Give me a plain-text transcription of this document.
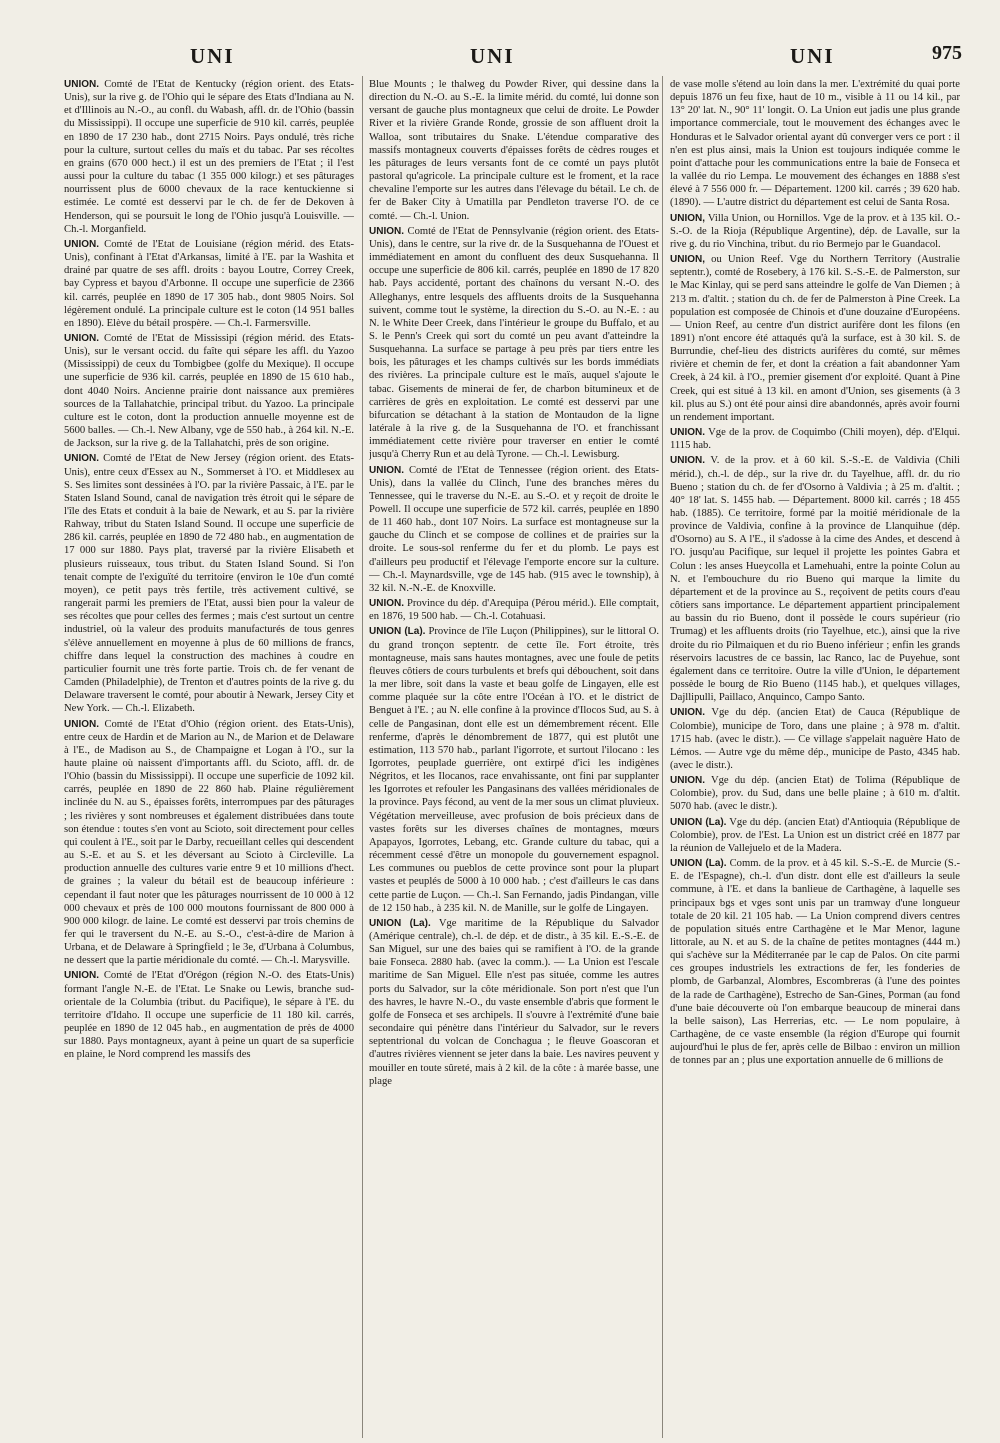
UNI	UNI	UNI	975

UNION. Comté de l'Etat de Kentucky (région orient. des Etats-Unis), sur la rive g. de l'Ohio qui le sépare des Etats d'Indiana au N. et d'Illinois au N.-O., au confl. du Wabash, affl. dr. de l'Ohio (bassin du Mississippi). Il occupe une superficie de 910 kil. carrés, peuplée en 1890 de 17 230 hab., dont 2715 Noirs. Pays ondulé, très riche pour la culture, surtout celles du maïs et du tabac. Par ses récoltes en grains (670 000 hect.) il est un des premiers de l'Etat ; il l'est aussi pour la culture du tabac (1 355 000 kilogr.) et ses pâturages nourrissent plus de 6000 chevaux de la race kentuckienne si estimée. Le comté est desservi par le ch. de fer de Dekoven à Henderson, qui se poursuit le long de l'Ohio jusqu'à Louisville. — Ch.-l. Morganfield.

UNION. Comté de l'Etat de Louisiane (région mérid. des Etats-Unis), confinant à l'Etat d'Arkansas, limité à l'E. par la Washita et drainé par quatre de ses affl. droits : bayou Loutre, Correy Creek, bay Cypress et bayou d'Arbonne. Il occupe une superficie de 2366 kil. carrés, peuplée en 1890 de 17 305 hab., dont 9805 Noirs. Sol légèrement ondulé. La principale culture est le coton (14 951 balles en 1890). Elève du bétail prospère. — Ch.-l. Farmersville.

UNION. Comté de l'Etat de Mississipi (région mérid. des Etats-Unis), sur le versant occid. du faîte qui sépare les affl. du Yazoo (Mississippi) de ceux du Tombigbee (golfe du Mexique). Il occupe une superficie de 936 kil. carrés, peuplée en 1890 de 15 610 hab., dont 4040 Noirs. Ancienne prairie dont naissance aux premières sources de la Tallahatchie, principal tribut. du Yazoo. La principale culture est le coton, dont la production annuelle moyenne est de 5600 balles. — Ch.-l. New Albany, vge de 550 hab., à 264 kil. N.-E. de Jackson, sur la rive g. de la Tallahatchi, près de son origine.

UNION. Comté de l'Etat de New Jersey (région orient. des Etats-Unis), entre ceux d'Essex au N., Sommerset à l'O. et Middlesex au S. Ses limites sont dessinées à l'O. par la rivière Passaic, à l'E. par le Staten Island Sound, canal de navigation très étroit qui le sépare de l'île des Etats et conduit à la baie de Newark, et au S. par la rivière Rahway, tribut du Staten Island Sound. Il occupe une superficie de 286 kil. carrés, peuplée en 1890 de 72 480 hab., en augmentation de 17 000 sur 1880. Pays plat, traversé par la rivière Elisabeth et plusieurs ruisseaux, tous tribut. du Staten Island Sound. Si l'on tenait compte de l'exiguïté du territoire (environ le 10e d'un comté moyen), ce petit pays très fertile, très activement cultivé, se rangerait parmi les premiers de l'Etat, aussi bien pour la valeur de ses récoltes que pour celles des fermes ; mais c'est surtout un centre industriel, où la valeur des produits manufacturés de tous genres s'élève annuellement en moyenne à plus de 60 millions de francs, chiffre dans lequel la construction des machines à coudre en particulier fournit une très forte partie. Trois ch. de fer venant de Camden (Philadelphie), de Trenton et d'autres points de la rive g. du Delaware traversent le comté, pour aboutir à Newark, Jersey City et New York. — Ch.-l. Elizabeth.

UNION. Comté de l'Etat d'Ohio (région orient. des Etats-Unis), entre ceux de Hardin et de Marion au N., de Marion et de Delaware à l'E., de Madison au S., de Champaigne et Logan à l'O., sur la haute plaine où naissent d'importants affl. du Scioto, affl. dr. de l'Ohio (bassin du Mississippi). Il occupe une superficie de 1092 kil. carrés, peuplée en 1890 de 22 860 hab. Plaine régulièrement inclinée du N. au S., épaisses forêts, interrompues par des pâturages ; les rivières y sont nombreuses et également distribuées dans toute son étendue : toutes s'en vont au Scioto, soit directement pour celles qui coulent à l'E., soit par le Darby, recueillant celles qui descendent au S.-E. et au S. et les déversant au Scioto à Circleville. La production annuelle des cultures varie entre 9 et 10 millions d'hect. de graines ; la valeur du bétail est de beaucoup inférieure : cependant il faut noter que les pâturages nourrissent de 10 000 à 12 000 chevaux et près de 100 000 moutons fournissant de 800 000 à 900 000 kilogr. de laine. Le comté est desservi par trois chemins de fer qui le traversent du N.-E. au S.-O., c'est-à-dire de Marion à Urbana, et de Delaware à Springfield ; le 3e, d'Urbana à Columbus, ne dessert que la partie méridionale du comté. — Ch.-l. Marysville.

UNION. Comté de l'Etat d'Orégon (région N.-O. des Etats-Unis) formant l'angle N.-E. de l'Etat. Le Snake ou Lewis, branche sud-orientale de la Columbia (tribut. du Pacifique), le sépare à l'E. du territoire d'Idaho. Il occupe une superficie de 11 180 kil. carrés, peuplée en 1890 de 12 045 hab., en augmentation de près de 4000 sur 1880. Pays montagneux, ayant à peine un quart de sa superficie en plaine, le Nord comprend les massifs des

Blue Mounts ; le thalweg du Powder River, qui dessine dans la direction du N.-O. au S.-E. la limite mérid. du comté, lui donne son versant de gauche plus montagneux que celui de droite. Le Powder River et la rivière Grande Ronde, grossie de son affluent droit la Walloa, sont tributaires du Snake. L'étendue comparative des massifs montagneux couverts d'épaisses forêts de cèdres rouges et les pâturages de leurs versants font de ce comté un pays plutôt pastoral qu'agricole. La principale culture est le froment, et la race chevaline l'emporte sur les autres dans l'élevage du bétail. Le ch. de fer de Baker City à Umatilla par Pendleton traverse l'O. de ce comté. — Ch.-l. Union.

UNION. Comté de l'Etat de Pennsylvanie (région orient. des Etats-Unis), dans le centre, sur la rive dr. de la Susquehanna de l'Ouest et immédiatement en amont du confluent des deux Susquehanna. Il occupe une superficie de 806 kil. carrés, peuplée en 1890 de 17 820 hab. Pays accidenté, portant des chaînons du versant N.-O. des Alleghanys, entre lesquels des affluents droits de la Susquehanna suivent, comme tout le système, la direction du S.-O. au N.-E. : au N. le White Deer Creek, dans l'intérieur le groupe du Buffalo, et au S. le Penn's Creek qui sort du comté un peu avant d'atteindre la Susquehanna. La surface se partage à peu près par tiers entre les bois, les pâturages et les champs cultivés sur les bords immédiats des rivières. La principale culture est le maïs, auquel s'ajoute le tabac. Gisements de minerai de fer, de charbon bitumineux et de carrières de grès en exploitation. Le comté est desservi par une bifurcation se détachant à la station de Montaudon de la ligne latérale à la rive g. de la Susquehanna de l'O. et franchissant immédiatement cette rivière pour traverser en entier le comté jusqu'à Cherry Run et au delà Tyrone. — Ch.-l. Lewisburg.

UNION. Comté de l'Etat de Tennessee (région orient. des Etats-Unis), dans la vallée du Clinch, l'une des branches mères du Tennessee, qui le traverse du N.-E. au S.-O. et y reçoit de droite le Powell. Il occupe une superficie de 572 kil. carrés, peuplée en 1890 de 11 460 hab., dont 107 Noirs. La surface est montagneuse sur la gauche du Clinch et se compose de collines et de prairies sur la droite. Le sous-sol renferme du fer et du plomb. Le pays est d'ailleurs peu productif et l'élevage l'emporte encore sur la culture. — Ch.-l. Maynardsville, vge de 145 hab. (915 avec le township), à 32 kil. N.-N.-E. de Knoxville.

UNION. Province du dép. d'Arequipa (Pérou mérid.). Elle comptait, en 1876, 19 500 hab. — Ch.-l. Cotahuasi.

UNION (La). Province de l'île Luçon (Philippines), sur le littoral O. du grand tronçon septentr. de cette île. Fort étroite, très montagneuse, mais sans hautes montagnes, avec une foule de petits fleuves côtiers de cours turbulents et brefs qui débouchent, soit dans la mer libre, soit dans la vaste et beau golfe de Lingayen, elle est comme plaquée sur la côte entre l'Océan à l'O. et le district de Benguet à l'E. ; au N. elle confine à la province d'Ilocos Sud, au S. à celle de Pangasinan, dont elle est un démembrement récent. Elle renferme, d'après le dénombrement de 1877, qui est plutôt une estimation, 113 570 hab., parlant l'igorrote, et surtout l'ilocano : les Igorrotes, peuplade guerrière, ont extirpé d'ici les indigènes Négritos, et les Ilocanos, race envahissante, ont fini par supplanter les Igorrotes et refouler les Pangasinans des vallées méridionales de la province. Pays fécond, au vent de la mer sous un climat pluvieux. Végétation merveilleuse, avec profusion de bois précieux dans de vastes forêts sur les diverses chaînes de montagnes, mœurs Apapayos, Igorrotes, Lebang, etc. Grande culture du tabac, qui a récemment cessé d'être un monopole du gouvernement espagnol. Les communes ou pueblos de cette province sont pour la plupart vastes et peuplés de 5000 à 10 000 hab. ; c'est d'ailleurs le cas dans cette partie de Luçon. — Ch.-l. San Fernando, jadis Pindangan, ville de 12 150 hab., à 235 kil. N. de Manille, sur le golfe de Lingayen.

UNION (La). Vge maritime de la République du Salvador (Amérique centrale), ch.-l. de dép. et de distr., à 35 kil. E.-S.-E. de San Miguel, sur une des baies qui se ramifient à l'O. de la grande baie Fonseca. 2880 hab. (avec la comm.). — La Union est l'escale maritime de San Miguel. Elle n'est pas située, comme les autres ports du Salvador, sur la côte méridionale. Son port n'est que l'un des havres, le havre N.-O., du vaste ensemble d'abris que forment le golfe de Fonseca et ses archipels. Il s'ouvre à l'extrémité d'une baie secondaire qui pénètre dans l'intérieur du Salvador, sur le revers septentrional du volcan de Conchagua ; le fleuve Goascoran et d'autres rivières viennent se jeter dans la baie. Les navires peuvent y mouiller en toute sûreté, mais à 2 kil. de la côte : à marée basse, une plage

de vase molle s'étend au loin dans la mer. L'extrémité du quai porte depuis 1876 un feu fixe, haut de 10 m., visible à 11 ou 14 kil., par 13° 20' lat. N., 90° 11' longit. O. La Union eut jadis une plus grande importance commerciale, tout le mouvement des échanges avec le Honduras et le Salvador oriental ayant dû converger vers ce port : il n'en est plus ainsi, mais la Union est toujours indiquée comme le point d'attache pour les communications entre la baie de Fonseca et la vallée du rio Lempa. Le mouvement des échanges en 1888 s'est élevé à 7 556 000 fr. — Département. 1200 kil. carrés ; 39 620 hab. (1890). — L'autre district du département est celui de Santa Rosa.

UNION, Villa Union, ou Hornillos. Vge de la prov. et à 135 kil. O.-S.-O. de la Rioja (République Argentine), dép. de Lavalle, sur la rive g. du rio Vinchina, tribut. du rio Bermejo par le Guandacol.

UNION, ou Union Reef. Vge du Northern Territory (Australie septentr.), comté de Rosebery, à 176 kil. S.-S.-E. de Palmerston, sur le Mac Kinlay, qui se perd sans atteindre le golfe de Van Diemen ; à 213 m. d'altit. ; station du ch. de fer de Palmerston à Pine Creek. La population est composée de Chinois et d'une douzaine d'Européens. — Union Reef, au centre d'un district aurifère dont les filons (en 1891) n'ont encore été attaqués qu'à la surface, est à 30 kil. S. de Burrundie, chef-lieu des districts aurifères du comté, sur mêmes rivière et chemin de fer, et dont la création a fait abandonner Yam Creek, à 24 kil. à l'O., premier gisement d'or exploité. Quant à Pine Creek, qui est situé à 13 kil. en amont d'Union, ses gisements (à 3 kil. plus au S.) ont été pour ainsi dire abandonnés, après avoir fourni un rendement important.

UNION. Vge de la prov. de Coquimbo (Chili moyen), dép. d'Elqui. 1115 hab.

UNION. V. de la prov. et à 60 kil. S.-S.-E. de Valdivia (Chili mérid.), ch.-l. de dép., sur la rive dr. du Tayelhue, affl. dr. du rio Bueno ; station du ch. de fer d'Osorno à Valdivia ; à 25 m. d'altit. ; 40° 18' lat. S. 1455 hab. — Département. 8000 kil. carrés ; 18 455 hab. (1885). Ce territoire, formé par la moitié méridionale de la province de Valdivia, confine à la province de Llanquihue (dép. d'Osorno) au S. A l'E., il s'adosse à la cime des Andes, et descend à l'O. jusqu'au Pacifique, sur lequel il projette les pointes Gabra et Colun : les anses Hueycolla et Lamehuahi, entre la pointe Colun au N. et l'embouchure du rio Bueno qui marque la limite du département et de la province au S., reçoivent de petits cours d'eau côtiers sans importance. Le département appartient principalement au bassin du rio Bueno, dont il possède le cours supérieur (rio Trumag) et les affluents droits (rio Tayelhue, etc.), ainsi que la rive droite du rio Pilmaiquen et du rio Bueno inférieur ; enfin les grands réservoirs lacustres de ce bassin, lac Ranco, lac de Puyehue, sont également dans ce territoire. Outre la ville d'Union, le département possède le bourg de Rio Bueno (1145 hab.), et quelques villages, Dajllipulli, Paillaco, Anquinco, Campo Santo.

UNION. Vge du dép. (ancien Etat) de Cauca (République de Colombie), municipe de Toro, dans une plaine ; à 978 m. d'altit. 1715 hab. (avec le distr.). — Ce village s'appelait naguère Hato de Lémos. — Autre vge du même dép., municipe de Pasto, 4345 hab. (avec le distr.).

UNION. Vge du dép. (ancien Etat) de Tolima (République de Colombie), prov. du Sud, dans une belle plaine ; à 610 m. d'altit. 5070 hab. (avec le distr.).

UNION (La). Vge du dép. (ancien Etat) d'Antioquia (République de Colombie), prov. de l'Est. La Union est un district créé en 1877 par la réunion de Vallejuelo et de la Madera.

UNION (La). Comm. de la prov. et à 45 kil. S.-S.-E. de Murcie (S.-E. de l'Espagne), ch.-l. d'un distr. dont elle est d'ailleurs la seule commune, à l'E. et dans la banlieue de Carthagène, à laquelle ses principaux bgs et vges sont unis par un tramway d'une longueur totale de 20 kil. 21 105 hab. — La Union comprend divers centres de population situés entre Carthagène et le Mar Menor, lagune littorale, au N. et au S. de la chaîne de petites montagnes (444 m.) qui s'achève sur la Méditerranée par le cap de Palos. On cite parmi ces groupes industriels les extractions de fer, les fonderies de plomb, de Garbanzal, Alombres, Escombreras (à l'une des pointes de la rade de Carthagène), Estrecho de San-Gines, Porman (au fond d'une baie découverte où l'on embarque beaucoup de minerai dans la belle saison), Las Herrerias, etc. — Le nom populaire, à Carthagène, de ce vaste ensemble (la région d'Europe qui fournit aujourd'hui le plus de fer, après celle de Bilbao : environ un million de tonnes par an ; plus une exportation annuelle de 6 millions de
